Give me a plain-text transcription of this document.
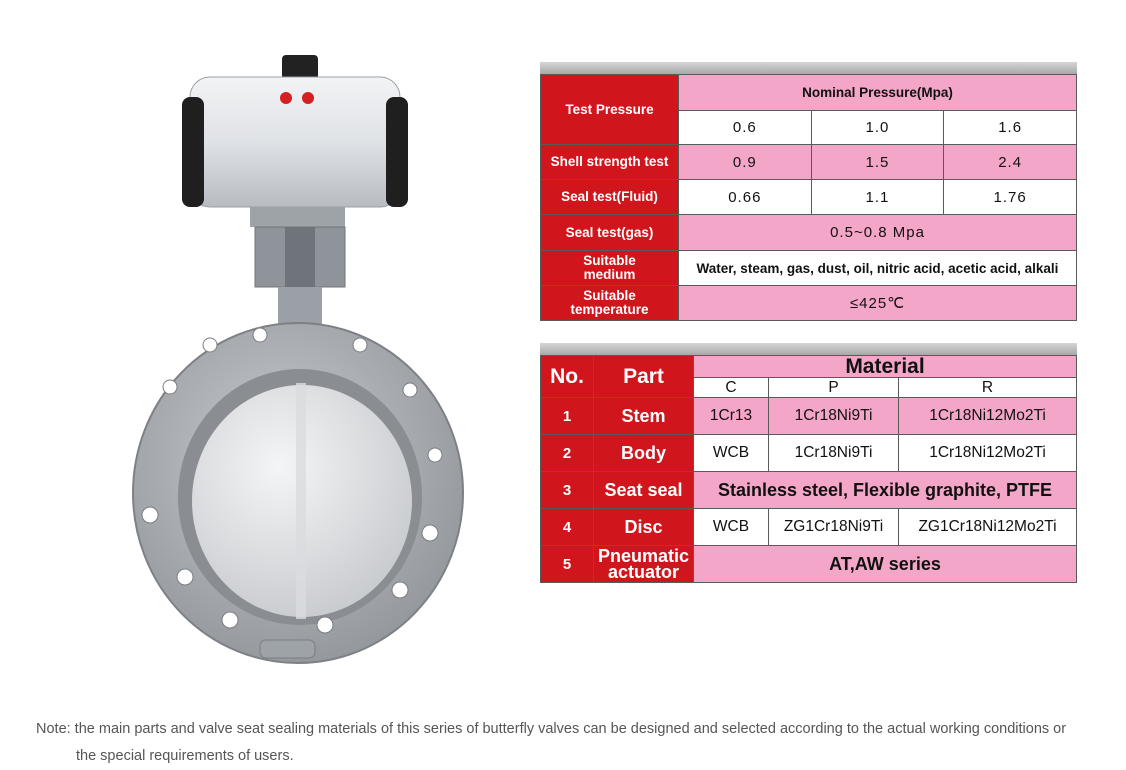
Test Pressure	Nominal Pressure(Mpa)		
	0.6	1.0	1.6
Shell strength test	0.9	1.5	2.4
Seal test(Fluid)	0.66	1.1	1.76
Seal test(gas)	0.5~0.8 Mpa		
Suitable
medium	Water, steam, gas, dust, oil, nitric acid, acetic acid, alkali		
Suitable
temperature	≤425℃		
No.	Part	Material		
		C	P	R
1	Stem	1Cr13	1Cr18Ni9Ti	1Cr18Ni12Mo2Ti
2	Body	WCB	1Cr18Ni9Ti	1Cr18Ni12Mo2Ti
3	Seat seal	Stainless steel, Flexible graphite, PTFE		
4	Disc	WCB	ZG1Cr18Ni9Ti	ZG1Cr18Ni12Mo2Ti
5	Pneumatic
actuator	AT,AW series		
Note: the main parts and valve seat sealing materials of this series of butterfly valves can be designed and selected according to the actual working conditions or
the special requirements of users.
